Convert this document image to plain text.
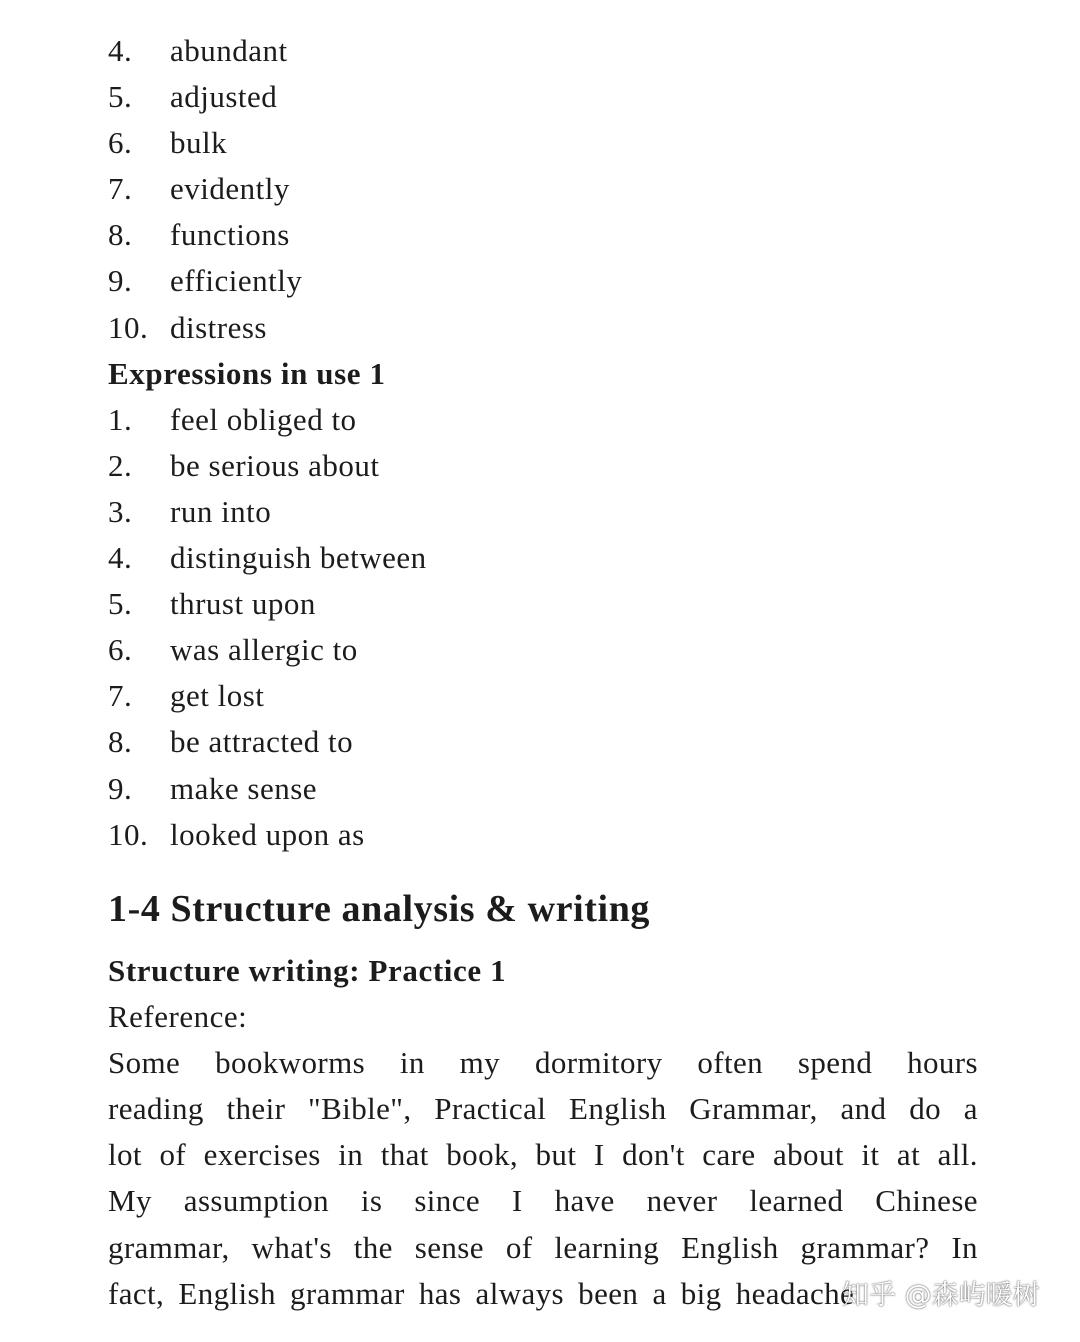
4. abundant
5. adjusted
6. bulk
7. evidently
8. functions
9. efficiently
10. distress
Expressions in use 1
1. feel obliged to
2. be serious about
3. run into
4. distinguish between
5. thrust upon
6. was allergic to
7. get lost
8. be attracted to
9. make sense
10. looked upon as
1-4 Structure analysis & writing
Structure writing: Practice 1
Reference:
Some bookworms in my dormitory often spend hours
reading their "Bible", Practical English Grammar, and do a
lot of exercises in that book, but I don't care about it at all.
My assumption is since I have never learned Chinese
grammar, what's the sense of learning English grammar? In
fact, English grammar has always been a big headache
知乎 @森屿暖树
